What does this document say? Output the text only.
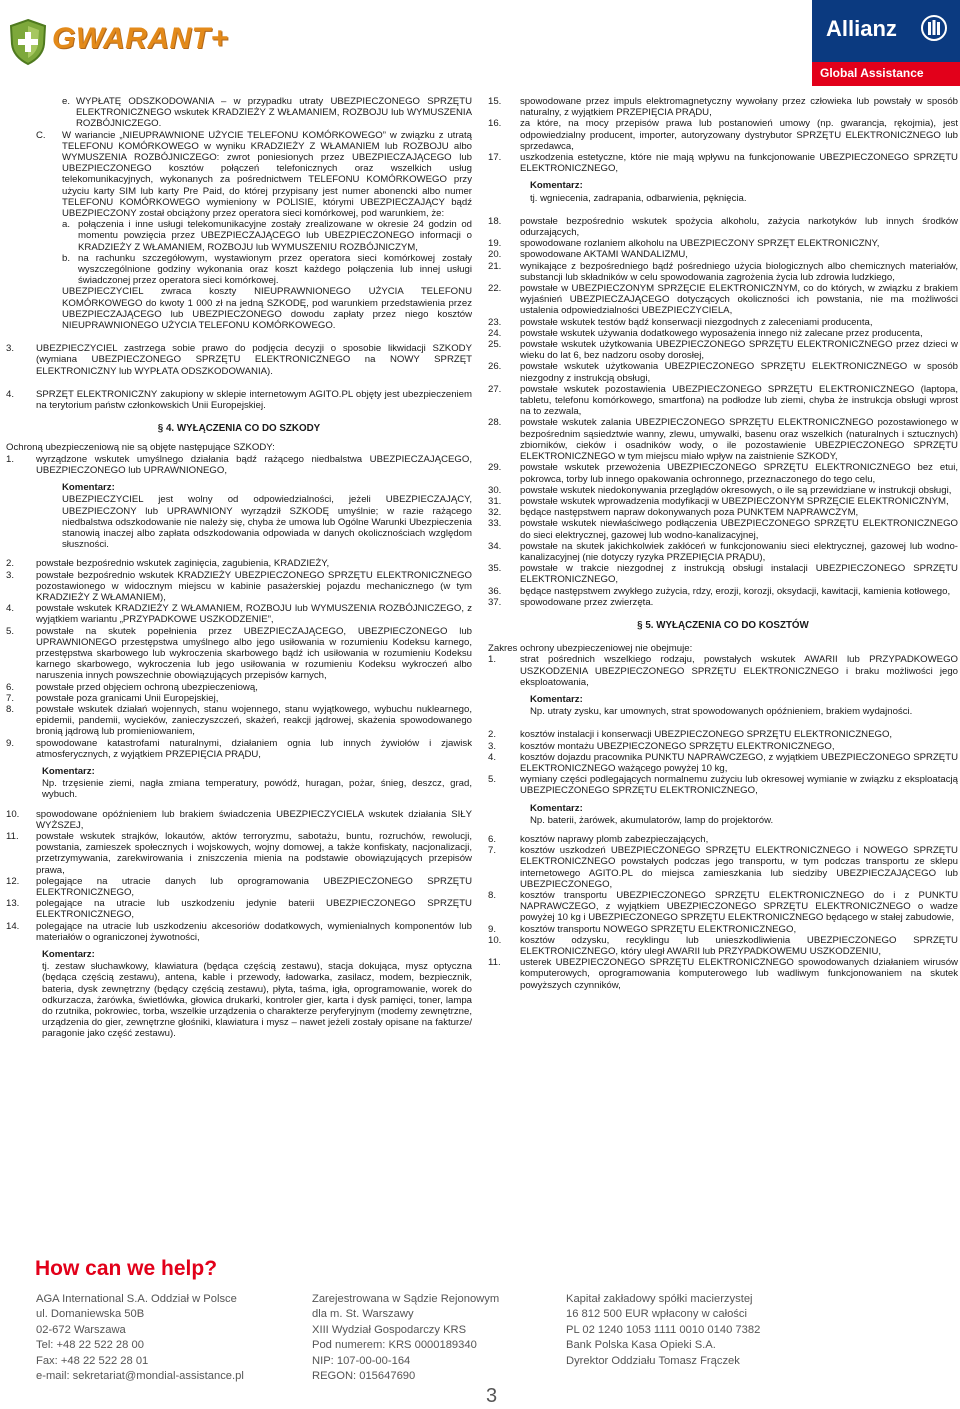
GWARANT+	Allianz
Global Assistance
e. WYPŁATĘ ODSZKODOWANIA – w przypadku utraty UBEZPIECZONEGO SPRZĘTU ELEKTRONICZNEGO wskutek KRADZIEŻY Z WŁAMANIEM, ROZBOJU lub WYMUSZENIA ROZBÓJNICZEGO.
C.	W wariancie „NIEUPRAWNIONE UŻYCIE TELEFONU KOMÓRKOWEGO” w związku z utratą TELEFONU KOMÓRKOWEGO w wyniku KRADZIEŻY Z WŁAMANIEM lub ROZBOJU albo WYMUSZENIA ROZBÓJNICZEGO: zwrot poniesionych przez UBEZPIECZAJĄCEGO lub UBEZPIECZONEGO kosztów połączeń telefonicznych oraz wszelkich usług telekomunikacyjnych, wykonanych za pośrednictwem TELEFONU KOMÓRKOWEGO przy użyciu karty SIM lub karty Pre Paid, do której przypisany jest numer abonencki albo numer TELEFONU KOMÓRKOWEGO wymieniony w POLISIE, którymi UBEZPIECZAJĄCY bądź UBEZPIECZONY został obciążony przez operatora sieci komórkowej, pod warunkiem, że:
a. połączenia i inne usługi telekomunikacyjne zostały zrealizowane w okresie 24 godzin od momentu powzięcia przez UBEZPIECZAJĄCEGO lub UBEZPIECZONEGO informacji o KRADZIEŻY Z WŁAMANIEM, ROZBOJU lub WYMUSZENIU ROZBÓJNICZYM,
b. na rachunku szczegółowym, wystawionym przez operatora sieci komórkowej zostały wyszczególnione godziny wykonania oraz koszt każdego połączenia lub innej usługi świadczonej przez operatora sieci komórkowej.
UBEZPIECZYCIEL zwraca koszty NIEUPRAWNIONEGO UŻYCIA TELEFONU KOMÓRKOWEGO do kwoty 1 000 zł na jedną SZKODĘ, pod warunkiem przedstawienia przez UBEZPIECZAJĄCEGO lub UBEZPIECZONEGO dowodu zapłaty przez niego kosztów NIEUPRAWNIONEGO UŻYCIA TELEFONU KOMÓRKOWEGO.
3.	UBEZPIECZYCIEL zastrzega sobie prawo do podjęcia decyzji o sposobie likwidacji SZKODY (wymiana UBEZPIECZONEGO SPRZĘTU ELEKTRONICZNEGO na NOWY SPRZĘT ELEKTRONICZNY lub WYPŁATA ODSZKODOWANIA).
4.	SPRZĘT ELEKTRONICZNY zakupiony w sklepie internetowym AGITO.PL objęty jest ubezpieczeniem na terytorium państw członkowskich Unii Europejskiej.
§ 4. WYŁĄCZENIA CO DO SZKODY
Ochroną ubezpieczeniową nie są objęte następujące SZKODY:
1.	wyrządzone wskutek umyślnego działania bądź rażącego niedbalstwa UBEZPIECZAJĄCEGO, UBEZPIECZONEGO lub UPRAWNIONEGO,
Komentarz:
UBEZPIECZYCIEL jest wolny od odpowiedzialności, jeżeli UBEZPIECZAJĄCY, UBEZPIECZONY lub UPRAWNIONY wyrządził SZKODĘ umyślnie; w razie rażącego niedbalstwa odszkodowanie nie należy się, chyba że umowa lub Ogólne Warunki Ubezpieczenia stanowią inaczej albo zapłata odszkodowania odpowiada w danych okolicznościach względom słuszności.
2.	powstałe bezpośrednio wskutek zaginięcia, zagubienia, KRADZIEŻY,
3.	powstałe bezpośrednio wskutek KRADZIEŻY UBEZPIECZONEGO SPRZĘTU ELEKTRONICZNEGO pozostawionego w widocznym miejscu w kabinie pasażerskiej pojazdu mechanicznego (w tym KRADZIEŻY Z WŁAMANIEM),
4.	powstałe wskutek KRADZIEŻY Z WŁAMANIEM, ROZBOJU lub WYMUSZENIA ROZBÓJNICZEGO, z wyjątkiem wariantu „PRZYPADKOWE USZKODZENIE”,
5.	powstałe na skutek popełnienia przez UBEZPIECZAJĄCEGO, UBEZPIECZONEGO lub UPRAWNIONEGO przestępstwa umyślnego albo jego usiłowania w rozumieniu Kodeksu karnego, przestępstwa skarbowego lub wykroczenia skarbowego bądź ich usiłowania w rozumieniu Kodeksu karnego skarbowego, wykroczenia lub jego usiłowania w rozumieniu Kodeksu wykroczeń albo naruszenia innych powszechnie obowiązujących przepisów karnych,
6.	powstałe przed objęciem ochroną ubezpieczeniową,
7.	powstałe poza granicami Unii Europejskiej,
8.	powstałe wskutek działań wojennych, stanu wojennego, stanu wyjątkowego, wybuchu nuklearnego, epidemii, pandemii, wycieków, zanieczyszczeń, skażeń, reakcji jądrowej, skażenia spowodowanego bronią jądrową lub promieniowaniem,
9.	spowodowane katastrofami naturalnymi, działaniem ognia lub innych żywiołów i zjawisk atmosferycznych, z wyjątkiem PRZEPIĘCIA PRĄDU,
Komentarz:
Np. trzęsienie ziemi, nagła zmiana temperatury, powódź, huragan, pożar, śnieg, deszcz, grad, wybuch.
10.	spowodowane opóźnieniem lub brakiem świadczenia UBEZPIECZYCIELA wskutek działania SIŁY WYŻSZEJ,
11.	powstałe wskutek strajków, lokautów, aktów terroryzmu, sabotażu, buntu, rozruchów, rewolucji, powstania, zamieszek społecznych i wojskowych, wojny domowej, a także konfiskaty, nacjonalizacji, przetrzymywania, zarekwirowania i zniszczenia mienia na podstawie obowiązujących przepisów prawa,
12.	polegające na utracie danych lub oprogramowania UBEZPIECZONEGO SPRZĘTU ELEKTRONICZNEGO,
13.	polegające na utracie lub uszkodzeniu jedynie baterii UBEZPIECZONEGO SPRZĘTU ELEKTRONICZNEGO,
14.	polegające na utracie lub uszkodzeniu akcesoriów dodatkowych, wymienialnych komponentów lub materiałów o ograniczonej żywotności,
Komentarz:
tj. zestaw słuchawkowy, klawiatura (będąca częścią zestawu), stacja dokująca, mysz optyczna (będąca częścią zestawu), antena, kable i przewody, ładowarka, zasilacz, modem, bezpiecznik, bateria, dysk zewnętrzny (będący częścią zestawu), płyta, taśma, igła, oprogramowanie, worek do odkurzacza, żarówka, świetlówka, głowica drukarki, kontroler gier, karta i dysk pamięci, toner, lampa do rzutnika, pokrowiec, torba, wszelkie urządzenia o charakterze peryferyjnym (modemy zewnętrzne, urządzenia do gier, zewnętrzne głośniki, klawiatura i mysz – nawet jeżeli zostały opisane na fakturze/ paragonie jako część zestawu).
15.	spowodowane przez impuls elektromagnetyczny wywołany przez człowieka lub powstały w sposób naturalny, z wyjątkiem PRZEPIĘCIA PRĄDU,
16.	za które, na mocy przepisów prawa lub postanowień umowy (np. gwarancja, rękojmia), jest odpowiedzialny producent, importer, autoryzowany dystrybutor SPRZĘTU ELEKTRONICZNEGO lub sprzedawca,
17.	uszkodzenia estetyczne, które nie mają wpływu na funkcjonowanie UBEZPIECZONEGO SPRZĘTU ELEKTRONICZNEGO,
Komentarz:
tj. wgniecenia, zadrapania, odbarwienia, pęknięcia.
18.	powstałe bezpośrednio wskutek spożycia alkoholu, zażycia narkotyków lub innych środków odurzających,
19.	spowodowane rozlaniem alkoholu na UBEZPIECZONY SPRZĘT ELEKTRONICZNY,
20.	spowodowane AKTAMI WANDALIZMU,
21.	wynikające z bezpośredniego bądź pośredniego użycia biologicznych albo chemicznych materiałów, substancji lub składników w celu spowodowania zagrożenia życia lub zdrowia ludzkiego,
22.	powstałe w UBEZPIECZONYM SPRZĘCIE ELEKTRONICZNYM, co do których, w związku z brakiem wyjaśnień UBEZPIECZAJĄCEGO dotyczących okoliczności ich powstania, nie ma możliwości ustalenia odpowiedzialności UBEZPIECZYCIELA,
23.	powstałe wskutek testów bądź konserwacji niezgodnych z zaleceniami producenta,
24.	powstałe wskutek używania dodatkowego wyposażenia innego niż zalecane przez producenta,
25.	powstałe wskutek użytkowania UBEZPIECZONEGO SPRZĘTU ELEKTRONICZNEGO przez dzieci w wieku do lat 6, bez nadzoru osoby dorosłej,
26.	powstałe wskutek użytkowania UBEZPIECZONEGO SPRZĘTU ELEKTRONICZNEGO w sposób niezgodny z instrukcją obsługi,
27.	powstałe wskutek pozostawienia UBEZPIECZONEGO SPRZĘTU ELEKTRONICZNEGO (laptopa, tabletu, telefonu komórkowego, smartfona) na podłodze lub ziemi, chyba że instrukcja obsługi wprost na to zezwala,
28.	powstałe wskutek zalania UBEZPIECZONEGO SPRZĘTU ELEKTRONICZNEGO pozostawionego w bezpośrednim sąsiedztwie wanny, zlewu, umywalki, basenu oraz wszelkich (naturalnych i sztucznych) zbiorników, cieków i osadników wody, o ile pozostawienie UBEZPIECZONEGO SPRZĘTU ELEKTRONICZNEGO w tym miejscu miało wpływ na zaistnienie SZKODY,
29.	powstałe wskutek przewożenia UBEZPIECZONEGO SPRZĘTU ELEKTRONICZNEGO bez etui, pokrowca, torby lub innego opakowania ochronnego, przeznaczonego do tego celu,
30.	powstałe wskutek niedokonywania przeglądów okresowych, o ile są przewidziane w instrukcji obsługi,
31.	powstałe wskutek wprowadzenia modyfikacji w UBEZPIECZONYM SPRZĘCIE ELEKTRONICZNYM,
32.	będące następstwem napraw dokonywanych poza PUNKTEM NAPRAWCZYM,
33.	powstałe wskutek niewłaściwego podłączenia UBEZPIECZONEGO SPRZĘTU ELEKTRONICZNEGO do sieci elektrycznej, gazowej lub wodno-kanalizacyjnej,
34.	powstałe na skutek jakichkolwiek zakłóceń w funkcjonowaniu sieci elektrycznej, gazowej lub wodno-kanalizacyjnej (nie dotyczy ryzyka PRZEPIĘCIA PRĄDU),
35.	powstałe w trakcie niezgodnej z instrukcją obsługi instalacji UBEZPIECZONEGO SPRZĘTU ELEKTRONICZNEGO,
36.	będące następstwem zwykłego zużycia, rdzy, erozji, korozji, oksydacji, kawitacji, kamienia kotłowego,
37.	spowodowane przez zwierzęta.
§ 5. WYŁĄCZENIA CO DO KOSZTÓW
Zakres ochrony ubezpieczeniowej nie obejmuje:
1.	strat pośrednich wszelkiego rodzaju, powstałych wskutek AWARII lub PRZYPADKOWEGO USZKODZENIA UBEZPIECZONEGO SPRZĘTU ELEKTRONICZNEGO i braku możliwości jego eksploatowania,
Komentarz:
Np. utraty zysku, kar umownych, strat spowodowanych opóźnieniem, brakiem wydajności.
2.	kosztów instalacji i konserwacji UBEZPIECZONEGO SPRZĘTU ELEKTRONICZNEGO,
3.	kosztów montażu UBEZPIECZONEGO SPRZĘTU ELEKTRONICZNEGO,
4.	kosztów dojazdu pracownika PUNKTU NAPRAWCZEGO, z wyjątkiem UBEZPIECZONEGO SPRZĘTU ELEKTRONICZNEGO ważącego powyżej 10 kg,
5.	wymiany części podlegających normalnemu zużyciu lub okresowej wymianie w związku z eksploatacją UBEZPIECZONEGO SPRZĘTU ELEKTRONICZNEGO,
Komentarz:
Np. baterii, żarówek, akumulatorów, lamp do projektorów.
6.	kosztów naprawy plomb zabezpieczających,
7.	kosztów uszkodzeń UBEZPIECZONEGO SPRZĘTU ELEKTRONICZNEGO i NOWEGO SPRZĘTU ELEKTRONICZNEGO powstałych podczas jego transportu, w tym podczas transportu ze sklepu internetowego AGITO.PL do miejsca zamieszkania lub siedziby UBEZPIECZAJĄCEGO lub UBEZPIECZONEGO,
8.	kosztów transportu UBEZPIECZONEGO SPRZĘTU ELEKTRONICZNEGO do i z PUNKTU NAPRAWCZEGO, z wyjątkiem UBEZPIECZONEGO SPRZĘTU ELEKTRONICZNEGO o wadze powyżej 10 kg i UBEZPIECZONEGO SPRZĘTU ELEKTRONICZNEGO będącego w stałej zabudowie,
9.	kosztów transportu NOWEGO SPRZĘTU ELEKTRONICZNEGO,
10.	kosztów odzysku, recyklingu lub unieszkodliwienia UBEZPIECZONEGO SPRZĘTU ELEKTRONICZNEGO, który uległ AWARII lub PRZYPADKOWEMU USZKODZENIU,
11.	usterek UBEZPIECZONEGO SPRZĘTU ELEKTRONICZNEGO spowodowanych działaniem wirusów komputerowych, oprogramowania komputerowego lub wadliwym funkcjonowaniem na skutek powyższych czynników,
How can we help?
AGA International S.A. Oddział w Polsce
ul. Domaniewska 50B
02-672 Warszawa
Tel: +48 22 522 28 00
Fax: +48 22 522 28 01
e-mail: sekretariat@mondial-assistance.pl
Zarejestrowana w Sądzie Rejonowym
dla m. St. Warszawy
XIII Wydział Gospodarczy KRS
Pod numerem: KRS 0000189340
NIP: 107-00-00-164
REGON: 015647690
Kapitał zakładowy spółki macierzystej
16 812 500 EUR wpłacony w całości
PL 02 1240 1053 1111 0010 0140 7382
Bank Polska Kasa Opieki S.A.
Dyrektor Oddziału Tomasz Frączek
3
